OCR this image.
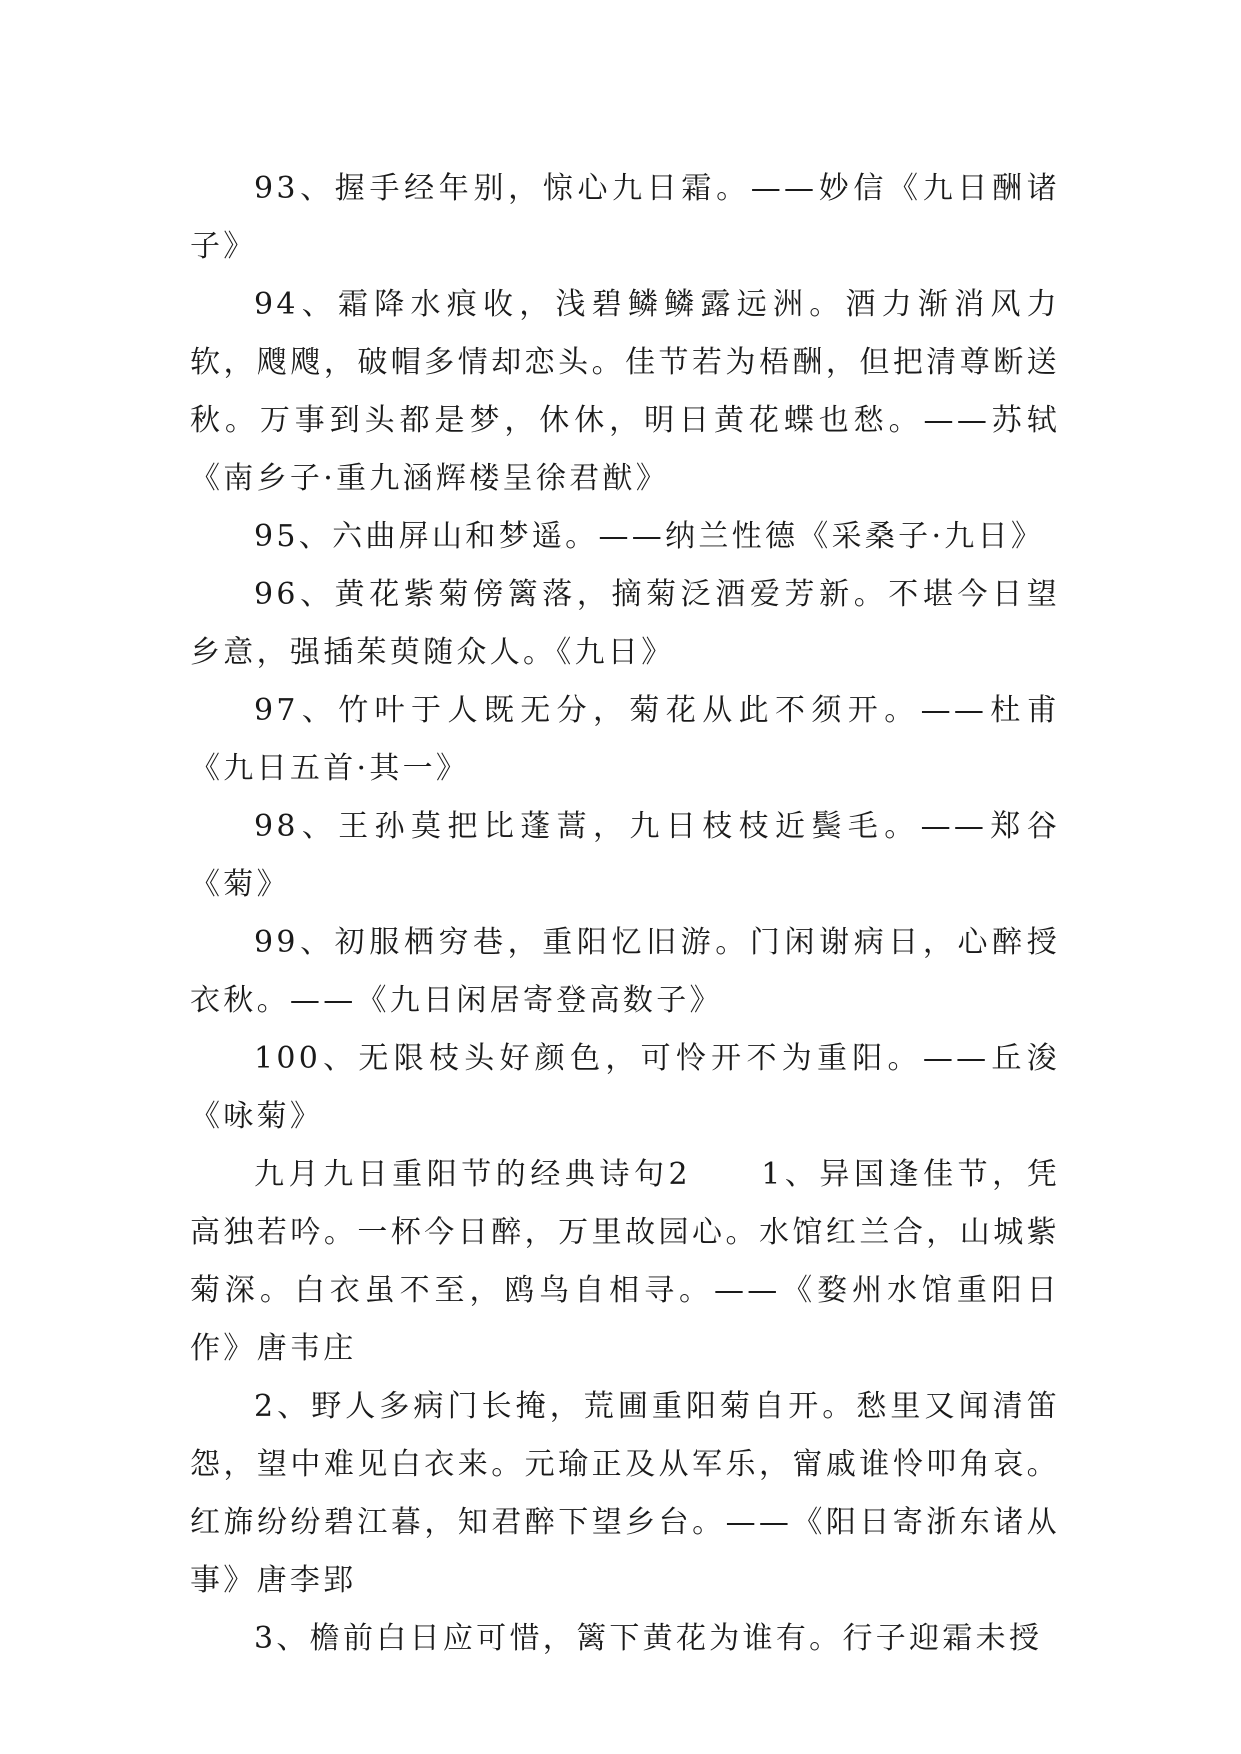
93、握手经年别，惊心九日霜。——妙信《九日酬诸子》

94、霜降水痕收，浅碧鳞鳞露远洲。酒力渐消风力软，飕飕，破帽多情却恋头。佳节若为梧酬，但把清尊断送秋。万事到头都是梦，休休，明日黄花蝶也愁。——苏轼《南乡子·重九涵辉楼呈徐君猷》

95、六曲屏山和梦遥。——纳兰性德《采桑子·九日》

96、黄花紫菊傍篱落，摘菊泛酒爱芳新。不堪今日望乡意，强插茱萸随众人。《九日》

97、竹叶于人既无分，菊花从此不须开。——杜甫《九日五首·其一》

98、王孙莫把比蓬蒿，九日枝枝近鬓毛。——郑谷《菊》

99、初服栖穷巷，重阳忆旧游。门闲谢病日，心醉授衣秋。——《九日闲居寄登高数子》

100、无限枝头好颜色，可怜开不为重阳。——丘浚《咏菊》

九月九日重阳节的经典诗句2　　1、异国逢佳节，凭高独若吟。一杯今日醉，万里故园心。水馆红兰合，山城紫菊深。白衣虽不至，鸥鸟自相寻。——《婺州水馆重阳日作》唐韦庄

2、野人多病门长掩，荒圃重阳菊自开。愁里又闻清笛怨，望中难见白衣来。元瑜正及从军乐，甯戚谁怜叩角哀。红旆纷纷碧江暮，知君醉下望乡台。——《阳日寄浙东诸从事》唐李郢

3、檐前白日应可惜，篱下黄花为谁有。行子迎霜未授
